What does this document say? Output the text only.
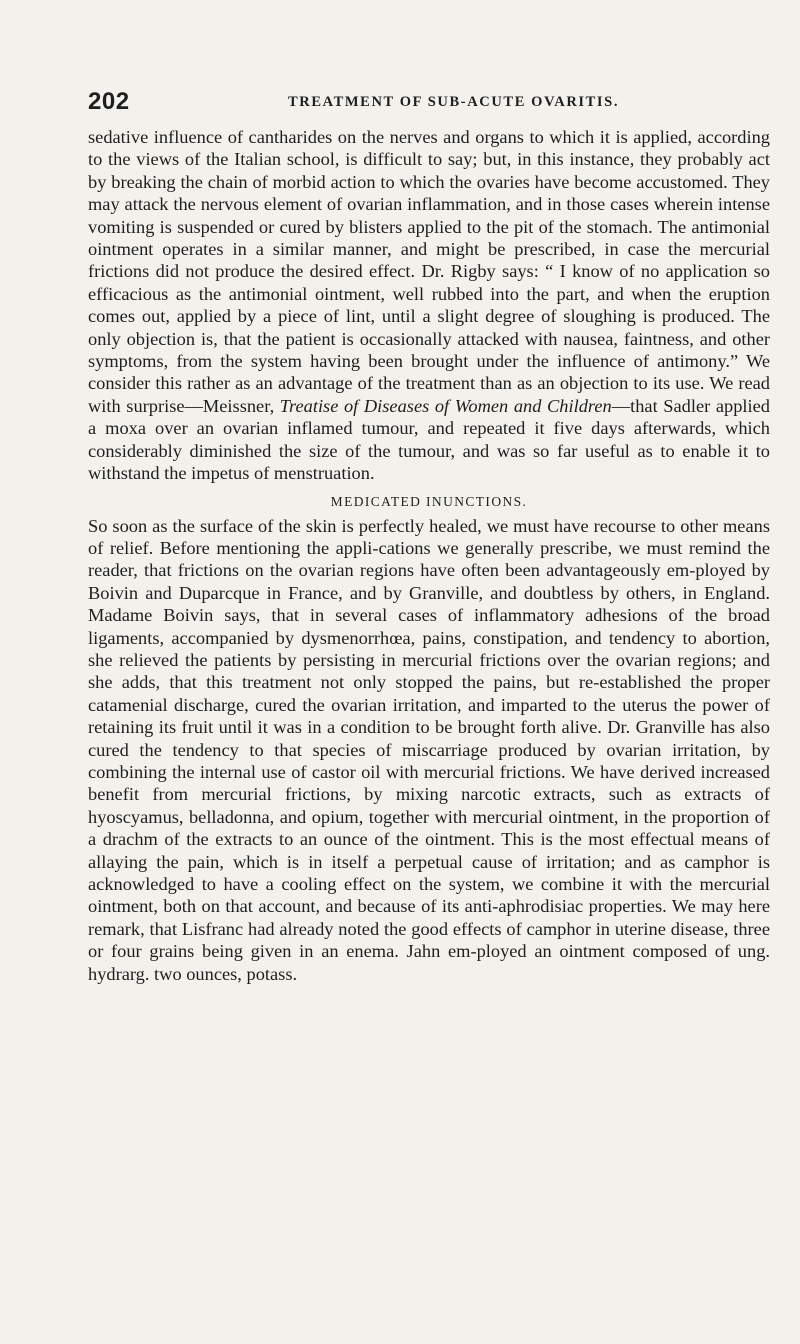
202	TREATMENT OF SUB-ACUTE OVARITIS.

sedative influence of cantharides on the nerves and organs to which it is applied, according to the views of the Italian school, is difficult to say; but, in this instance, they probably act by breaking the chain of morbid action to which the ovaries have become accustomed. They may attack the nervous element of ovarian inflammation, and in those cases wherein intense vomiting is suspended or cured by blisters applied to the pit of the stomach. The antimonial ointment operates in a similar manner, and might be prescribed, in case the mercurial frictions did not produce the desired effect. Dr. Rigby says: “ I know of no application so efficacious as the antimonial ointment, well rubbed into the part, and when the eruption comes out, applied by a piece of lint, until a slight degree of sloughing is produced. The only objection is, that the patient is occasionally attacked with nausea, faintness, and other symptoms, from the system having been brought under the influence of antimony.” We consider this rather as an advantage of the treatment than as an objection to its use. We read with surprise—Meissner, Treatise of Diseases of Women and Children—that Sadler applied a moxa over an ovarian inflamed tumour, and repeated it five days afterwards, which considerably diminished the size of the tumour, and was so far useful as to enable it to withstand the impetus of menstruation.

MEDICATED INUNCTIONS.

So soon as the surface of the skin is perfectly healed, we must have recourse to other means of relief. Before mentioning the appli-cations we generally prescribe, we must remind the reader, that frictions on the ovarian regions have often been advantageously em-ployed by Boivin and Duparcque in France, and by Granville, and doubtless by others, in England. Madame Boivin says, that in several cases of inflammatory adhesions of the broad ligaments, accompanied by dysmenorrhœa, pains, constipation, and tendency to abortion, she relieved the patients by persisting in mercurial frictions over the ovarian regions; and she adds, that this treatment not only stopped the pains, but re-established the proper catamenial discharge, cured the ovarian irritation, and imparted to the uterus the power of retaining its fruit until it was in a condition to be brought forth alive. Dr. Granville has also cured the tendency to that species of miscarriage produced by ovarian irritation, by combining the internal use of castor oil with mercurial frictions. We have derived increased benefit from mercurial frictions, by mixing narcotic extracts, such as extracts of hyoscyamus, belladonna, and opium, together with mercurial ointment, in the proportion of a drachm of the extracts to an ounce of the ointment. This is the most effectual means of allaying the pain, which is in itself a perpetual cause of irritation; and as camphor is acknowledged to have a cooling effect on the system, we combine it with the mercurial ointment, both on that account, and because of its anti-aphrodisiac properties. We may here remark, that Lisfranc had already noted the good effects of camphor in uterine disease, three or four grains being given in an enema. Jahn em-ployed an ointment composed of ung. hydrarg. two ounces, potass.
